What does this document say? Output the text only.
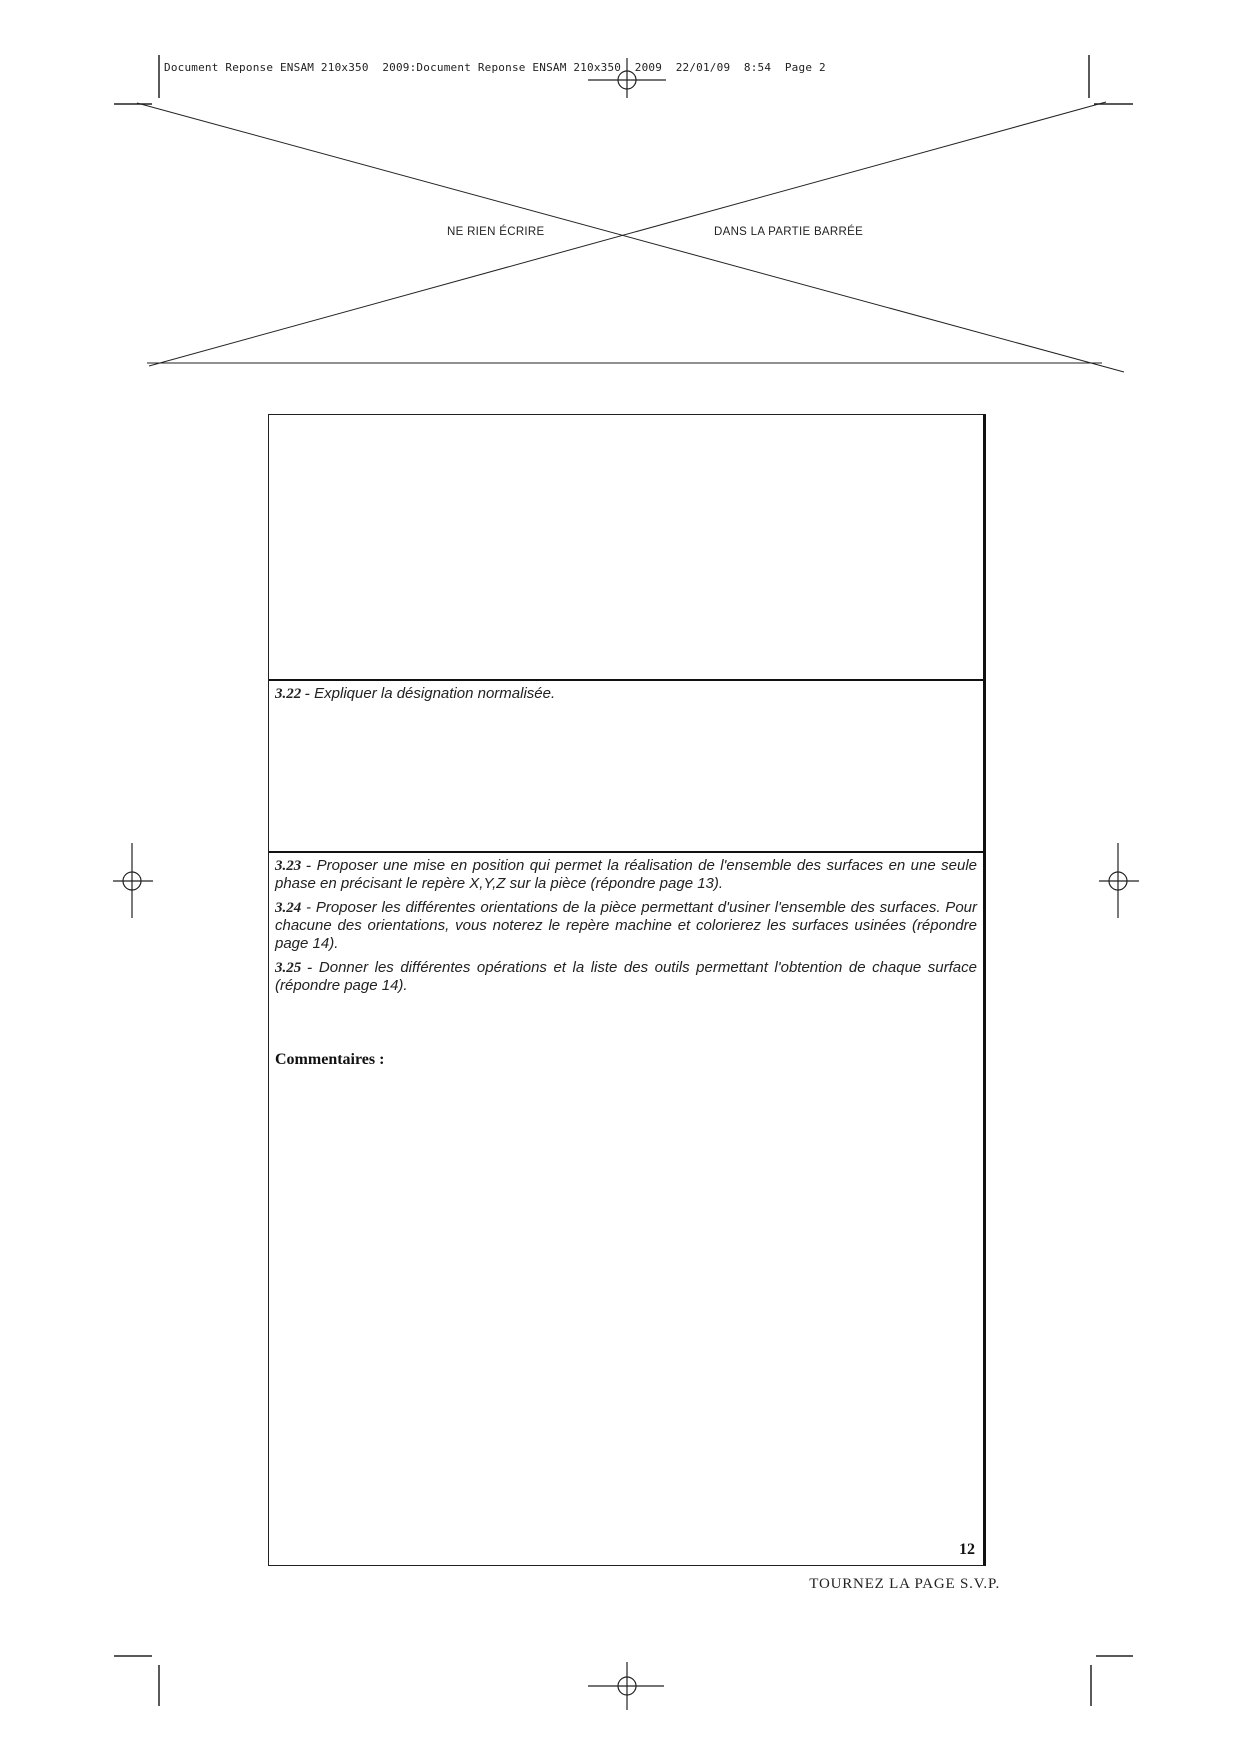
Document Reponse ENSAM 210x350  2009:Document Reponse ENSAM 210x350  2009  22/01/09  8:54  Page 2
NE RIEN ÉCRIRE	DANS LA PARTIE BARRÉE

3.22 - Expliquer la désignation normalisée.

3.23 - Proposer une mise en position qui permet la réalisation de l'ensemble des surfaces en une seule phase en précisant le repère X,Y,Z sur la pièce (répondre page 13).

3.24 - Proposer les différentes orientations de la pièce permettant d'usiner l'ensemble des surfaces. Pour chacune des orientations, vous noterez le repère machine et colorierez les surfaces usinées (répondre page 14).

3.25 - Donner les différentes opérations et la liste des outils permettant l'obtention de chaque surface (répondre page 14).

Commentaires :
12
TOURNEZ LA PAGE S.V.P.
